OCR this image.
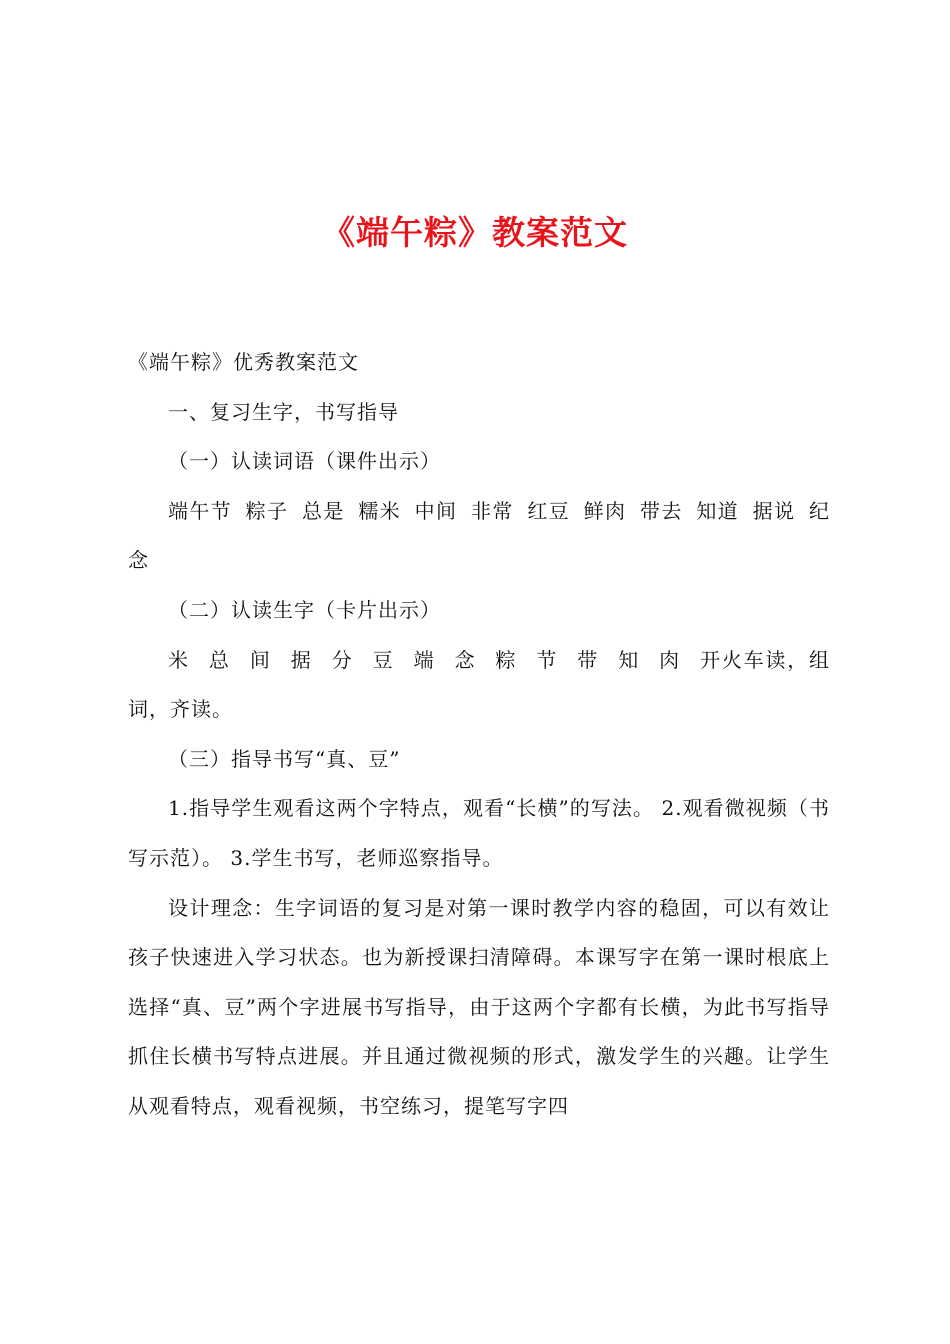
《端午粽》教案范文

《端午粽》优秀教案范文

一、复习生字，书写指导

（一）认读词语（课件出示）

端午节 粽子 总是 糯米 中间 非常 红豆 鲜肉 带去 知道 据说 纪念

（二）认读生字（卡片出示）

米 总 间 据 分 豆 端 念 粽 节 带 知 肉 开火车读，组词，齐读。

（三）指导书写“真、豆”

1.指导学生观看这两个字特点，观看“长横”的写法。 2.观看微视频（书写示范）。 3.学生书写，老师巡察指导。

设计理念：生字词语的复习是对第一课时教学内容的稳固，可以有效让孩子快速进入学习状态。也为新授课扫清障碍。本课写字在第一课时根底上选择“真、豆”两个字进展书写指导，由于这两个字都有长横，为此书写指导抓住长横书写特点进展。并且通过微视频的形式，激发学生的兴趣。让学生从观看特点，观看视频，书空练习，提笔写字四
